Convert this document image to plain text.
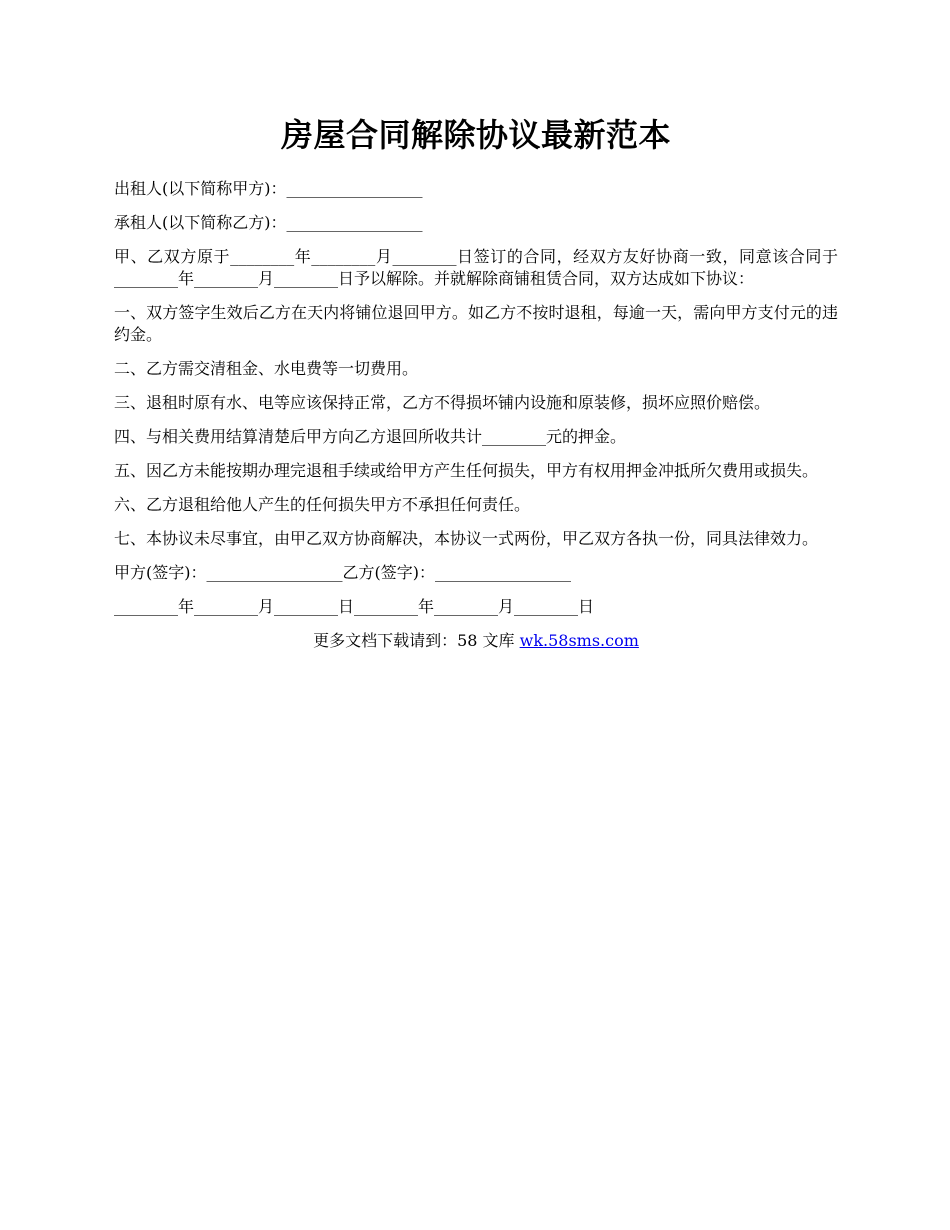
房屋合同解除协议最新范本

出租人(以下简称甲方)：_________________

承租人(以下简称乙方)：_________________

甲、乙双方原于________年________月________日签订的合同，经双方友好协商一致，同意该合同于________年________月________日予以解除。并就解除商铺租赁合同，双方达成如下协议：

一、双方签字生效后乙方在天内将铺位退回甲方。如乙方不按时退租，每逾一天，需向甲方支付元的违约金。

二、乙方需交清租金、水电费等一切费用。

三、退租时原有水、电等应该保持正常，乙方不得损坏铺内设施和原装修，损坏应照价赔偿。

四、与相关费用结算清楚后甲方向乙方退回所收共计________元的押金。

五、因乙方未能按期办理完退租手续或给甲方产生任何损失，甲方有权用押金冲抵所欠费用或损失。

六、乙方退租给他人产生的任何损失甲方不承担任何责任。

七、本协议未尽事宜，由甲乙双方协商解决，本协议一式两份，甲乙双方各执一份，同具法律效力。

甲方(签字)：_________________乙方(签字)：_________________

________年________月________日________年________月________日

更多文档下载请到：58 文库 wk.58sms.com
